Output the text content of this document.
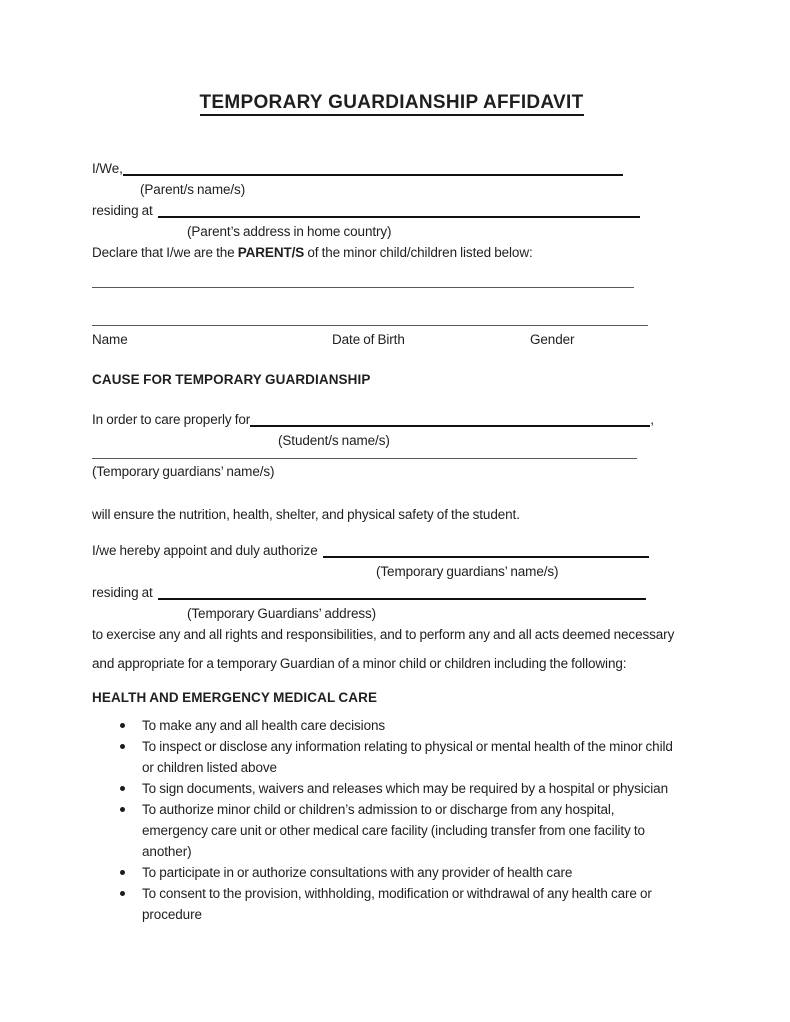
TEMPORARY GUARDIANSHIP AFFIDAVIT
I/We,
(Parent/s name/s)
residing at
(Parent’s address in home country)
Declare that I/we are the PARENT/S of the minor child/children listed below:
Name	Date of Birth	Gender
CAUSE FOR TEMPORARY GUARDIANSHIP
In order to care properly for	,
(Student/s name/s)
(Temporary guardians’ name/s)
will ensure the nutrition, health, shelter, and physical safety of the student.
I/we hereby appoint and duly authorize
(Temporary guardians’ name/s)
residing at
(Temporary Guardians’ address)
to exercise any and all rights and responsibilities, and to perform any and all acts deemed necessary
and appropriate for a temporary Guardian of a minor child or children including the following:
HEALTH AND EMERGENCY MEDICAL CARE
To make any and all health care decisions
To inspect or disclose any information relating to physical or mental health of the minor child or children listed above
To sign documents, waivers and releases which may be required by a hospital or physician
To authorize minor child or children’s admission to or discharge from any hospital, emergency care unit or other medical care facility (including transfer from one facility to another)
To participate in or authorize consultations with any provider of health care
To consent to the provision, withholding, modification or withdrawal of any health care or procedure
